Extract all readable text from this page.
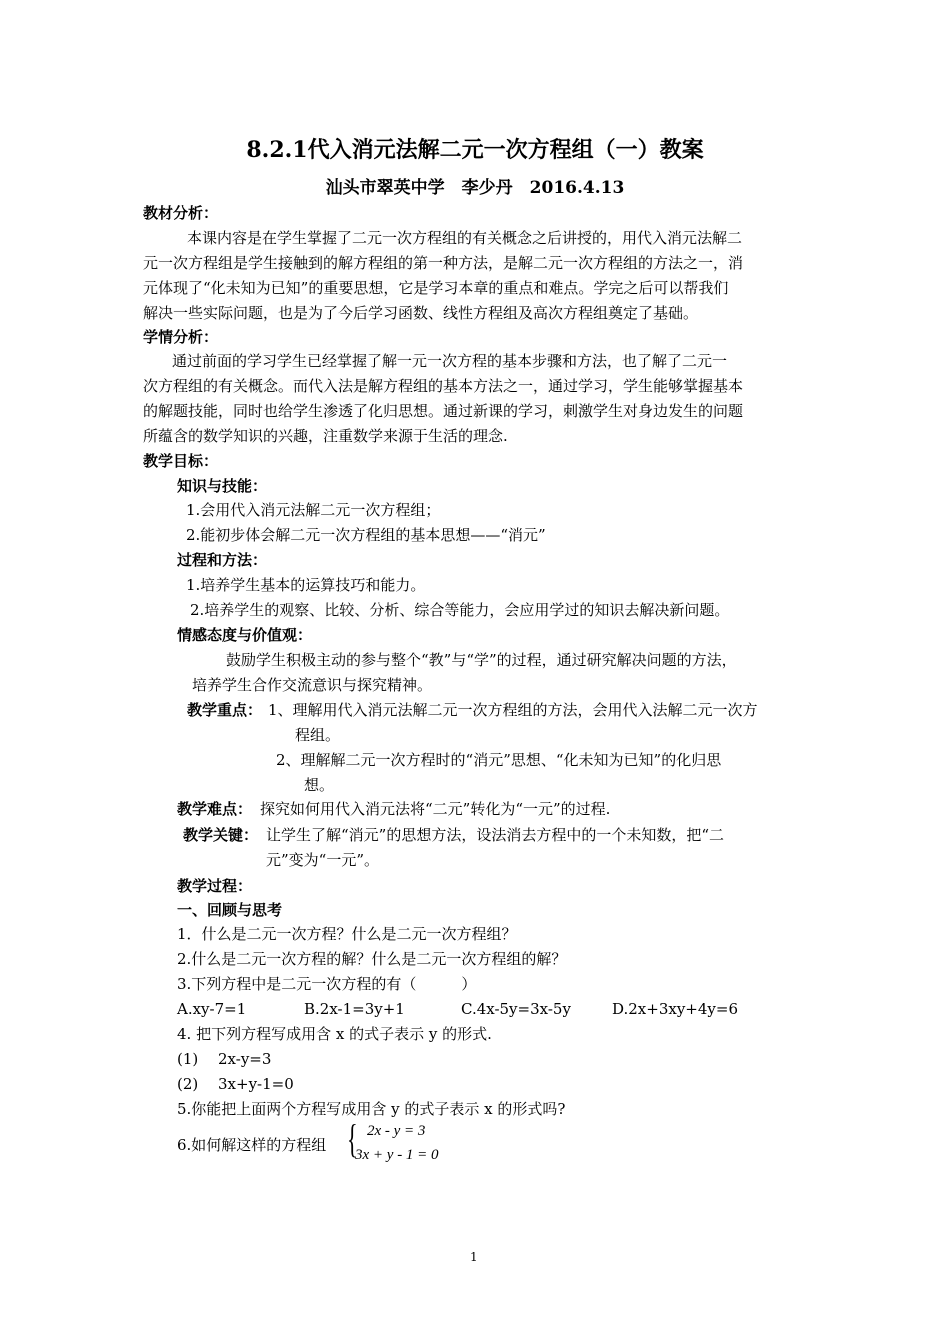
8.2.1代入消元法解二元一次方程组（一）教案
汕头市翠英中学　李少丹　2016.4.13
教材分析：
本课内容是在学生掌握了二元一次方程组的有关概念之后讲授的，用代入消元法解二
元一次方程组是学生接触到的解方程组的第一种方法，是解二元一次方程组的方法之一，消
元体现了“化未知为已知”的重要思想，它是学习本章的重点和难点。学完之后可以帮我们
解决一些实际问题，也是为了今后学习函数、线性方程组及高次方程组奠定了基础。
学情分析：
通过前面的学习学生已经掌握了解一元一次方程的基本步骤和方法，也了解了二元一
次方程组的有关概念。而代入法是解方程组的基本方法之一，通过学习，学生能够掌握基本
的解题技能，同时也给学生渗透了化归思想。通过新课的学习，刺激学生对身边发生的问题
所蕴含的数学知识的兴趣，注重数学来源于生活的理念.
教学目标：
知识与技能：
1.会用代入消元法解二元一次方程组；
2.能初步体会解二元一次方程组的基本思想——“消元”
过程和方法：
1.培养学生基本的运算技巧和能力。
2.培养学生的观察、比较、分析、综合等能力，会应用学过的知识去解决新问题。
情感态度与价值观：
鼓励学生积极主动的参与整个“教”与“学”的过程，通过研究解决问题的方法，
培养学生合作交流意识与探究精神。
教学重点： 1、理解用代入消元法解二元一次方程组的方法，会用代入法解二元一次方
程组。
2、理解解二元一次方程时的“消元”思想、“化未知为已知”的化归思
想。
教学难点： 探究如何用代入消元法将“二元”转化为“一元”的过程.
教学关键： 让学生了解“消元”的思想方法，设法消去方程中的一个未知数，把“二
元”变为“一元”。
教学过程：
一、回顾与思考
1．什么是二元一次方程？什么是二元一次方程组？
2.什么是二元一次方程的解？什么是二元一次方程组的解？
3.下列方程中是二元一次方程的有（　　　）
A.xy-7=1	B.2x-1=3y+1	C.4x-5y=3x-5y	D.2x+3xy+4y=6
4. 把下列方程写成用含 x 的式子表示 y 的形式.
(1)　 2x-y=3
(2)　 3x+y-1=0
5.你能把上面两个方程写成用含 y 的式子表示 x 的形式吗?
6.如何解这样的方程组 { 2x - y = 3
3x + y - 1 = 0
1
